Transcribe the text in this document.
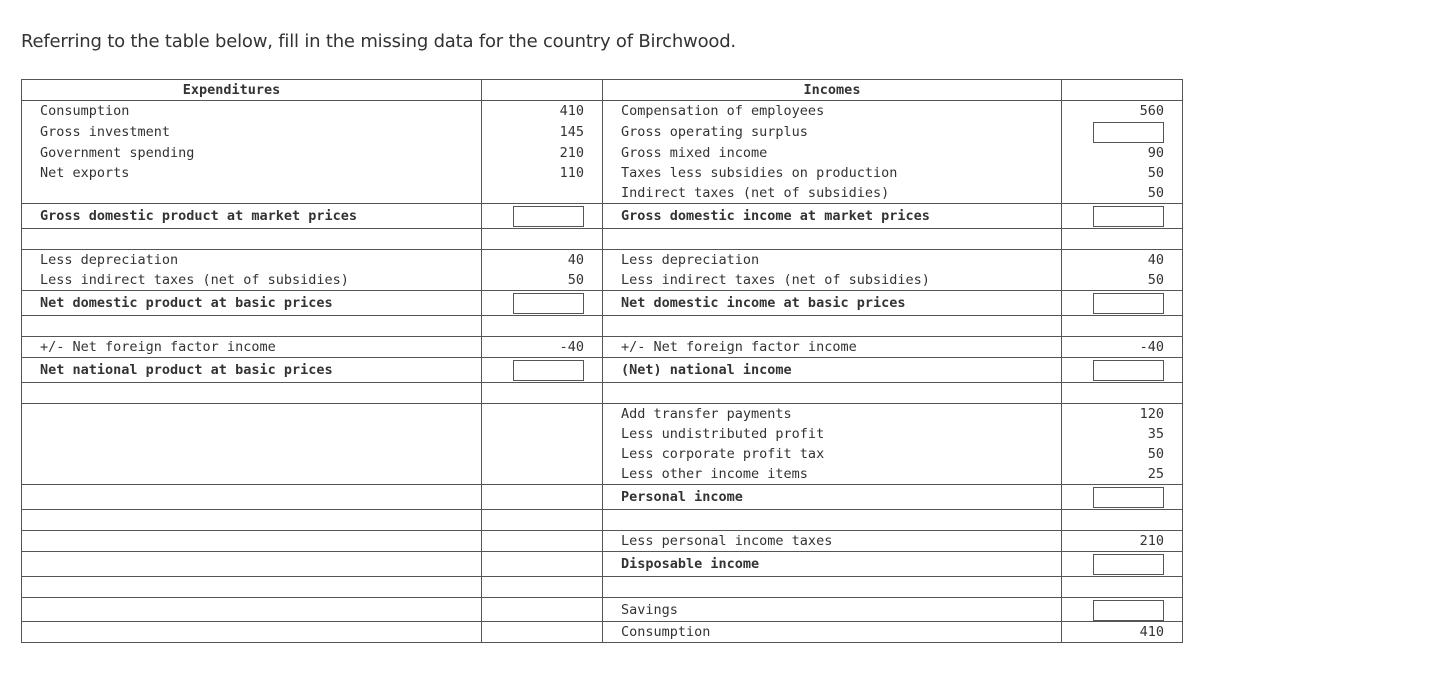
Referring to the table below, fill in the missing data for the country of Birchwood.
Expenditures		Incomes	
Consumption	410	Compensation of employees	560
Gross investment	145	Gross operating surplus	
Government spending	210	Gross mixed income	90
Net exports	110	Taxes less subsidies on production	50
		Indirect taxes (net of subsidies)	50
Gross domestic product at market prices		Gross domestic income at market prices	

Less depreciation	40	Less depreciation	40
Less indirect taxes (net of subsidies)	50	Less indirect taxes (net of subsidies)	50
Net domestic product at basic prices		Net domestic income at basic prices	

+/- Net foreign factor income	-40	+/- Net foreign factor income	-40
Net national product at basic prices		(Net) national income	

		Add transfer payments	120
		Less undistributed profit	35
		Less corporate profit tax	50
		Less other income items	25
		Personal income	

		Less personal income taxes	210
		Disposable income	

		Savings	
		Consumption	410
